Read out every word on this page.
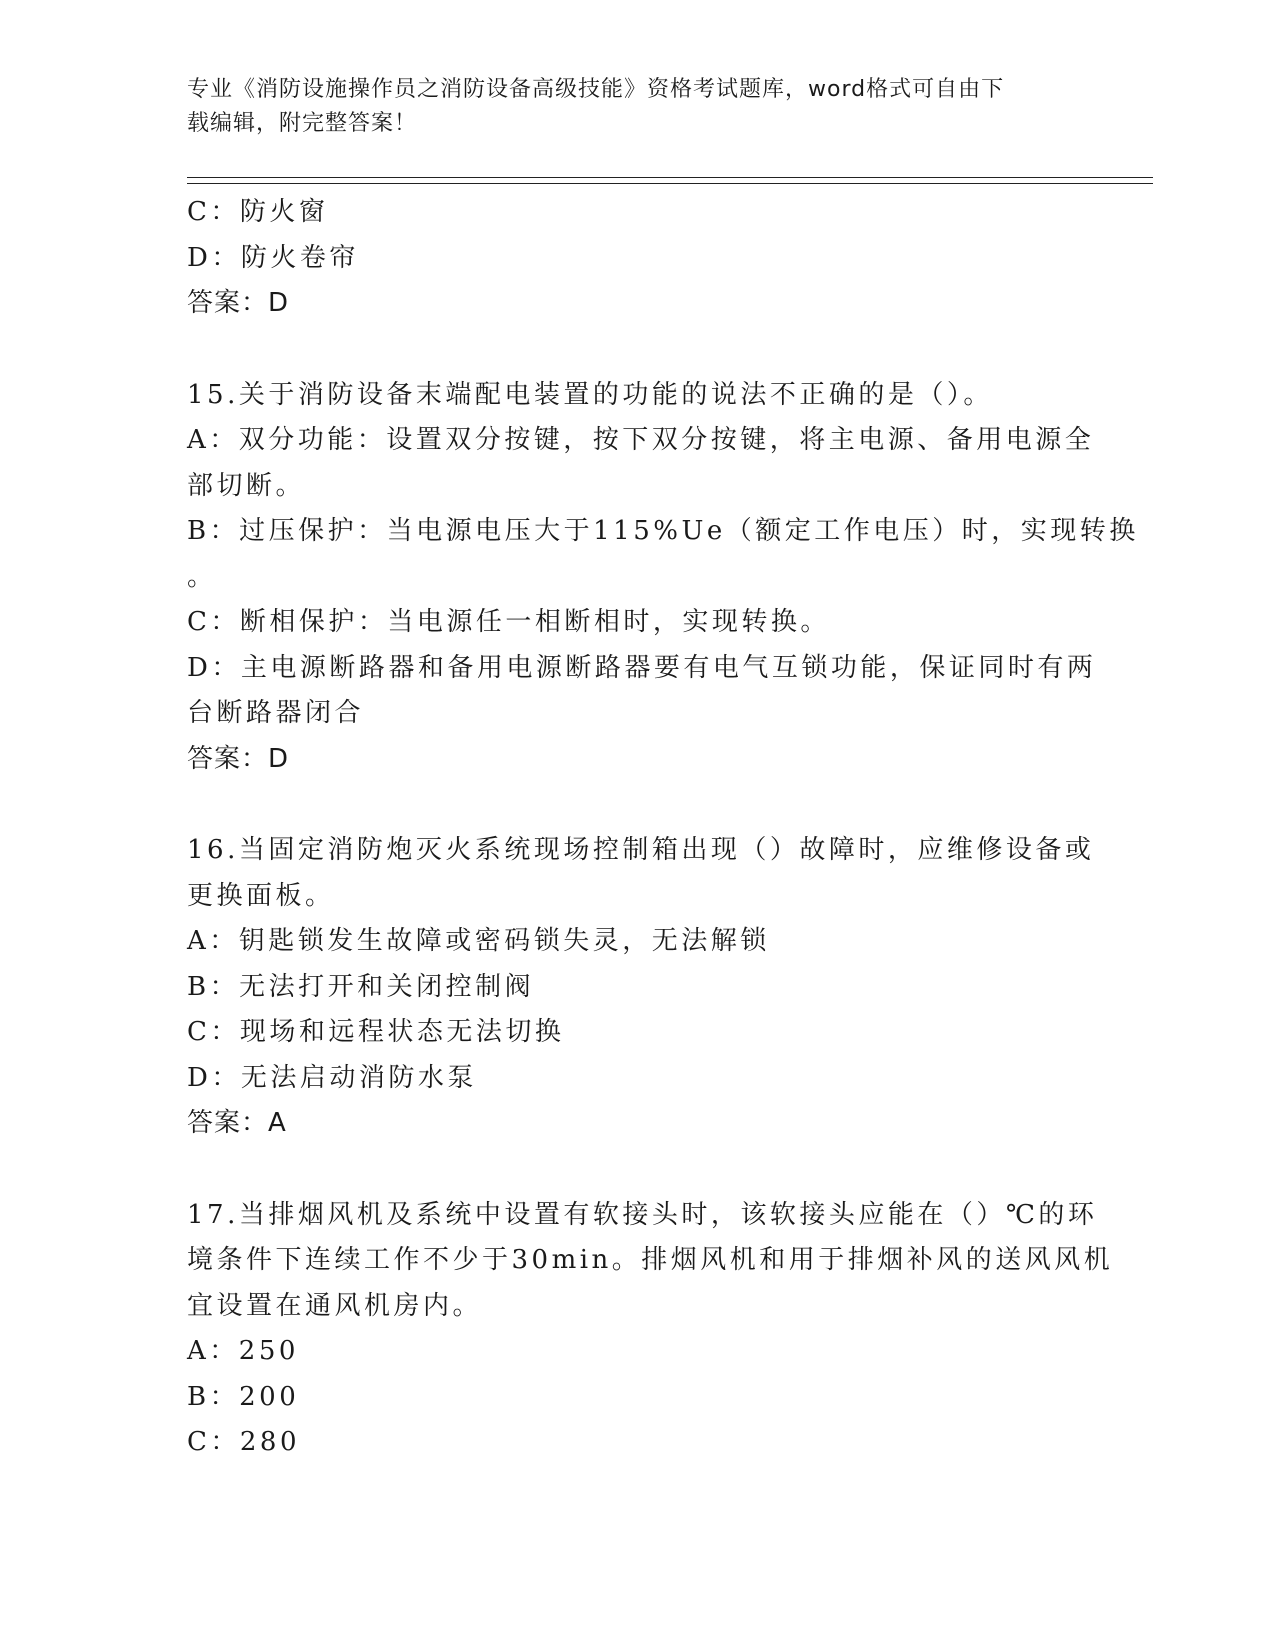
专业《消防设施操作员之消防设备高级技能》资格考试题库，word格式可自由下
载编辑，附完整答案！
C：防火窗
D：防火卷帘
答案：D
15.关于消防设备末端配电装置的功能的说法不正确的是（）。
A：双分功能：设置双分按键，按下双分按键，将主电源、备用电源全
部切断。
B：过压保护：当电源电压大于115%Ue（额定工作电压）时，实现转换
。
C：断相保护：当电源任一相断相时，实现转换。
D：主电源断路器和备用电源断路器要有电气互锁功能，保证同时有两
台断路器闭合
答案：D
16.当固定消防炮灭火系统现场控制箱出现（）故障时，应维修设备或
更换面板。
A：钥匙锁发生故障或密码锁失灵，无法解锁
B：无法打开和关闭控制阀
C：现场和远程状态无法切换
D：无法启动消防水泵
答案：A
17.当排烟风机及系统中设置有软接头时，该软接头应能在（）℃的环
境条件下连续工作不少于30min。排烟风机和用于排烟补风的送风风机
宜设置在通风机房内。
A：250
B：200
C：280
